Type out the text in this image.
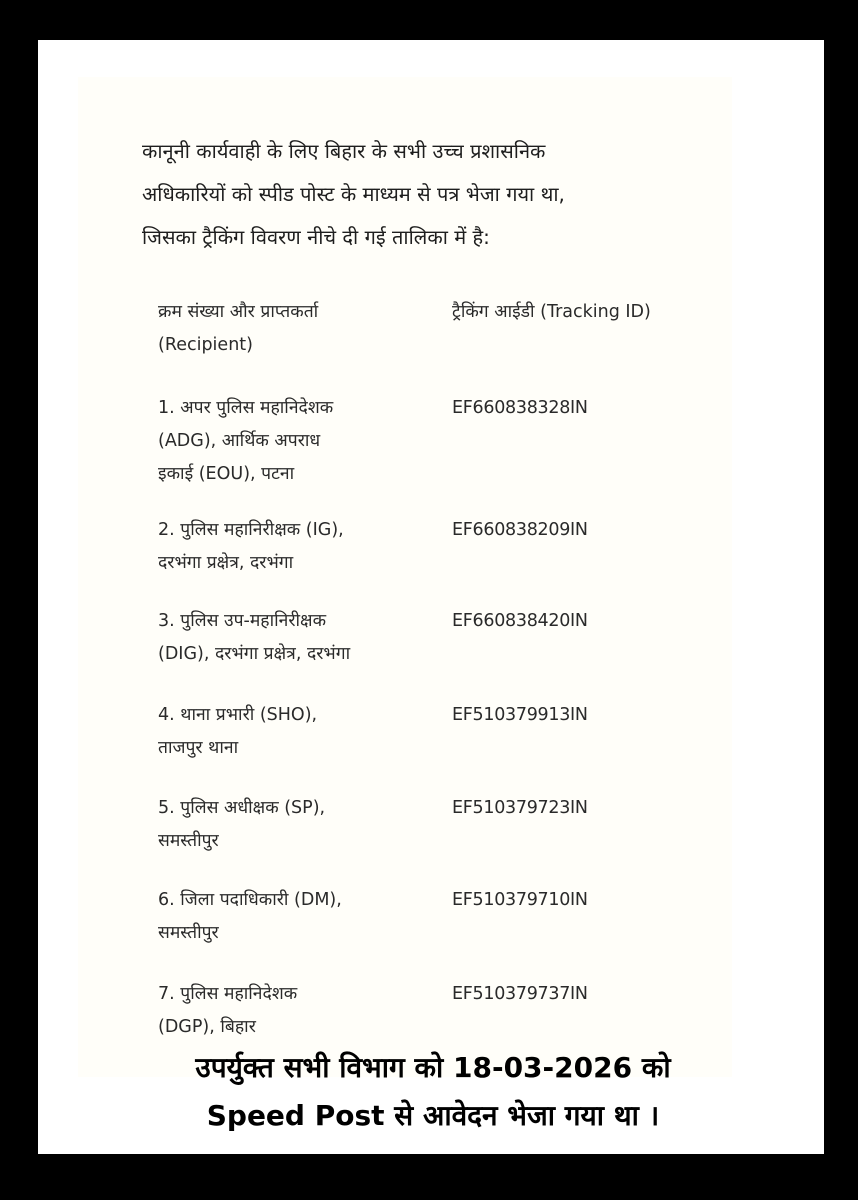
कानूनी कार्यवाही के लिए बिहार के सभी उच्च प्रशासनिक
अधिकारियों को स्पीड पोस्ट के माध्यम से पत्र भेजा गया था,
जिसका ट्रैकिंग विवरण नीचे दी गई तालिका में है:
क्रम संख्या और प्राप्तकर्ता
(Recipient)
ट्रैकिंग आईडी (Tracking ID)
1. अपर पुलिस महानिदेशक
(ADG), आर्थिक अपराध
इकाई (EOU), पटना
EF660838328IN
2. पुलिस महानिरीक्षक (IG),
दरभंगा प्रक्षेत्र, दरभंगा
EF660838209IN
3. पुलिस उप-महानिरीक्षक
(DIG), दरभंगा प्रक्षेत्र, दरभंगा
EF660838420IN
4. थाना प्रभारी (SHO),
ताजपुर थाना
EF510379913IN
5. पुलिस अधीक्षक (SP),
समस्तीपुर
EF510379723IN
6. जिला पदाधिकारी (DM),
समस्तीपुर
EF510379710IN
7. पुलिस महानिदेशक
(DGP), बिहार
EF510379737IN
उपर्युक्त सभी विभाग को 18-03-2026 को
Speed Post से आवेदन भेजा गया था ।
